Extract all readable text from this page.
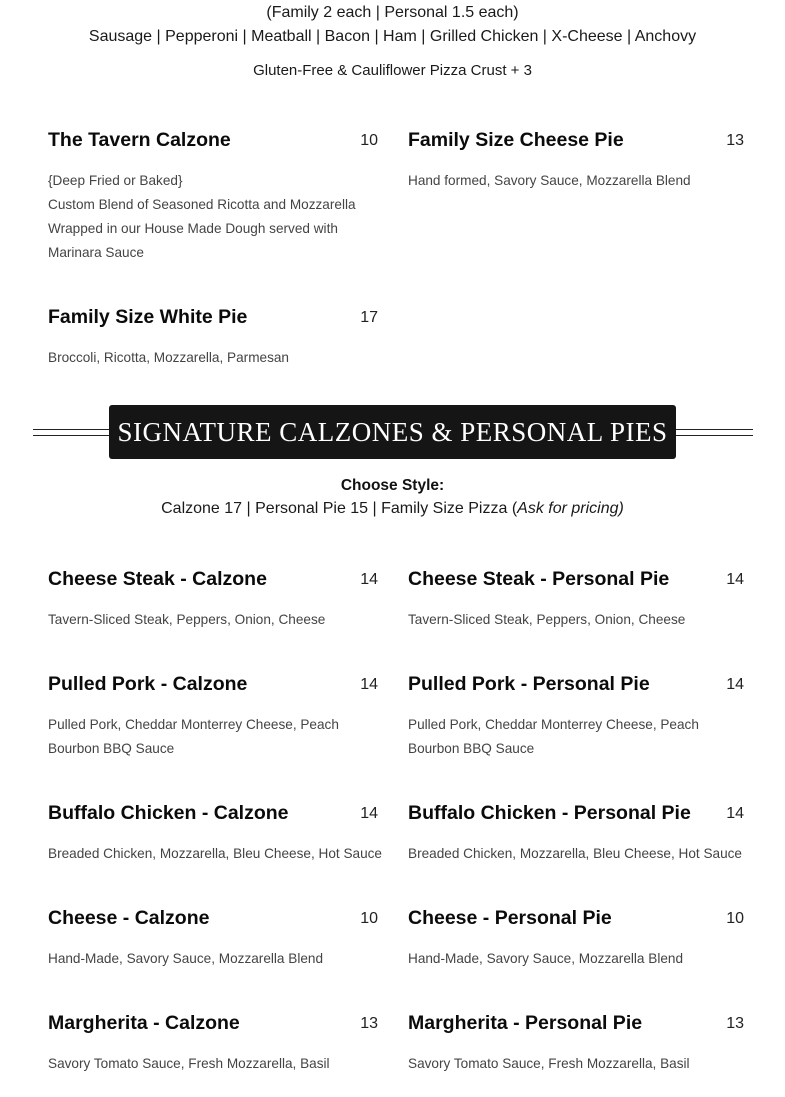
(Family 2 each | Personal 1.5 each)
Sausage | Pepperoni | Meatball | Bacon | Ham | Grilled Chicken | X-Cheese | Anchovy
Gluten-Free & Cauliflower Pizza Crust + 3
The Tavern Calzone	10
{Deep Fried or Baked}
Custom Blend of Seasoned Ricotta and Mozzarella
Wrapped in our House Made Dough served with
Marinara Sauce
Family Size Cheese Pie	13
Hand formed, Savory Sauce, Mozzarella Blend
Family Size White Pie	17
Broccoli, Ricotta, Mozzarella, Parmesan
SIGNATURE CALZONES & PERSONAL PIES
Choose Style:
Calzone 17 | Personal Pie 15 | Family Size Pizza (Ask for pricing)
Cheese Steak - Calzone	14
Tavern-Sliced Steak, Peppers, Onion, Cheese
Cheese Steak - Personal Pie	14
Tavern-Sliced Steak, Peppers, Onion, Cheese
Pulled Pork - Calzone	14
Pulled Pork, Cheddar Monterrey Cheese, Peach
Bourbon BBQ Sauce
Pulled Pork - Personal Pie	14
Pulled Pork, Cheddar Monterrey Cheese, Peach
Bourbon BBQ Sauce
Buffalo Chicken - Calzone	14
Breaded Chicken, Mozzarella, Bleu Cheese, Hot Sauce
Buffalo Chicken - Personal Pie 14
Breaded Chicken, Mozzarella, Bleu Cheese, Hot Sauce
Cheese - Calzone	10
Hand-Made, Savory Sauce, Mozzarella Blend
Cheese - Personal Pie	10
Hand-Made, Savory Sauce, Mozzarella Blend
Margherita - Calzone	13
Savory Tomato Sauce, Fresh Mozzarella, Basil
Margherita - Personal Pie	13
Savory Tomato Sauce, Fresh Mozzarella, Basil
